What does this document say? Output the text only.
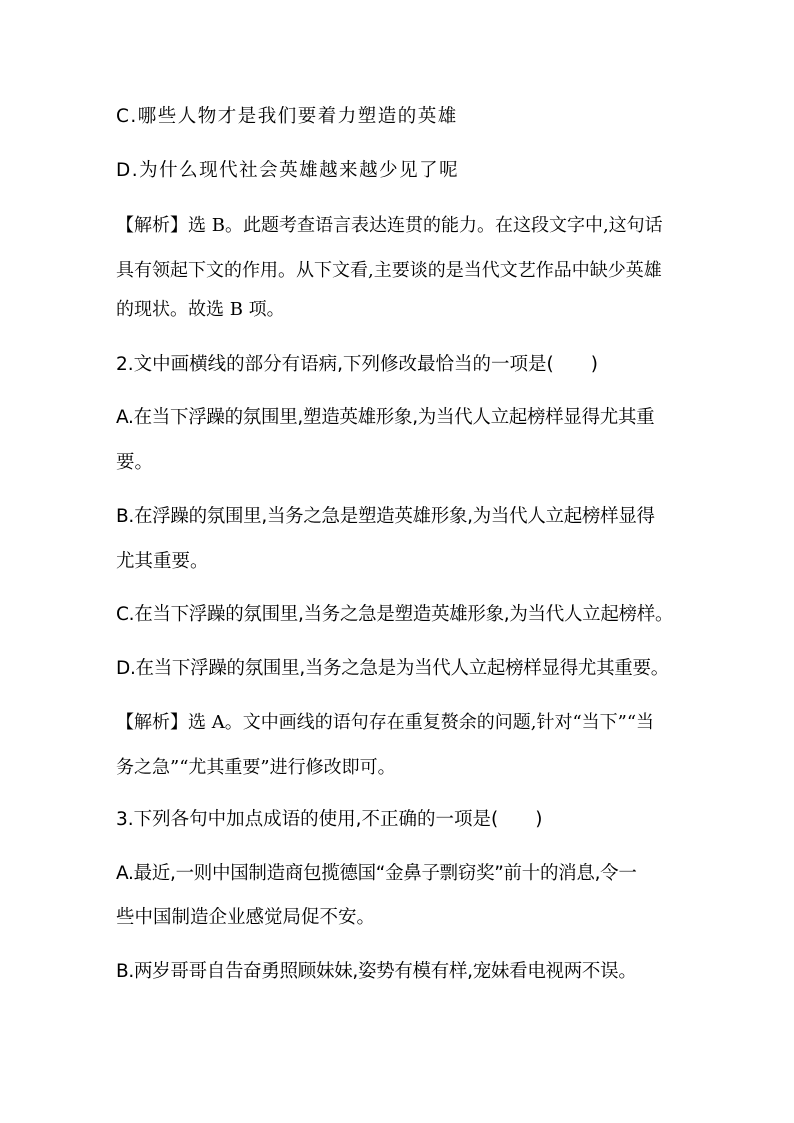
C.哪些人物才是我们要着力塑造的英雄
D.为什么现代社会英雄越来越少见了呢
【解析】选 B。此题考查语言表达连贯的能力。在这段文字中,这句话
具有领起下文的作用。从下文看,主要谈的是当代文艺作品中缺少英雄
的现状。故选 B 项。
2.文中画横线的部分有语病,下列修改最恰当的一项是(　　)
A.在当下浮躁的氛围里,塑造英雄形象,为当代人立起榜样显得尤其重
要。
B.在浮躁的氛围里,当务之急是塑造英雄形象,为当代人立起榜样显得
尤其重要。
C.在当下浮躁的氛围里,当务之急是塑造英雄形象,为当代人立起榜样。
D.在当下浮躁的氛围里,当务之急是为当代人立起榜样显得尤其重要。
【解析】选 A。文中画线的语句存在重复赘余的问题,针对“当下”“当
务之急”“尤其重要”进行修改即可。
3.下列各句中加点成语的使用,不正确的一项是(　　)
A.最近,一则中国制造商包揽德国“金鼻子剽窃奖”前十的消息,令一
些中国制造企业感觉局促不安。
B.两岁哥哥自告奋勇照顾妹妹,姿势有模有样,宠妹看电视两不误。
